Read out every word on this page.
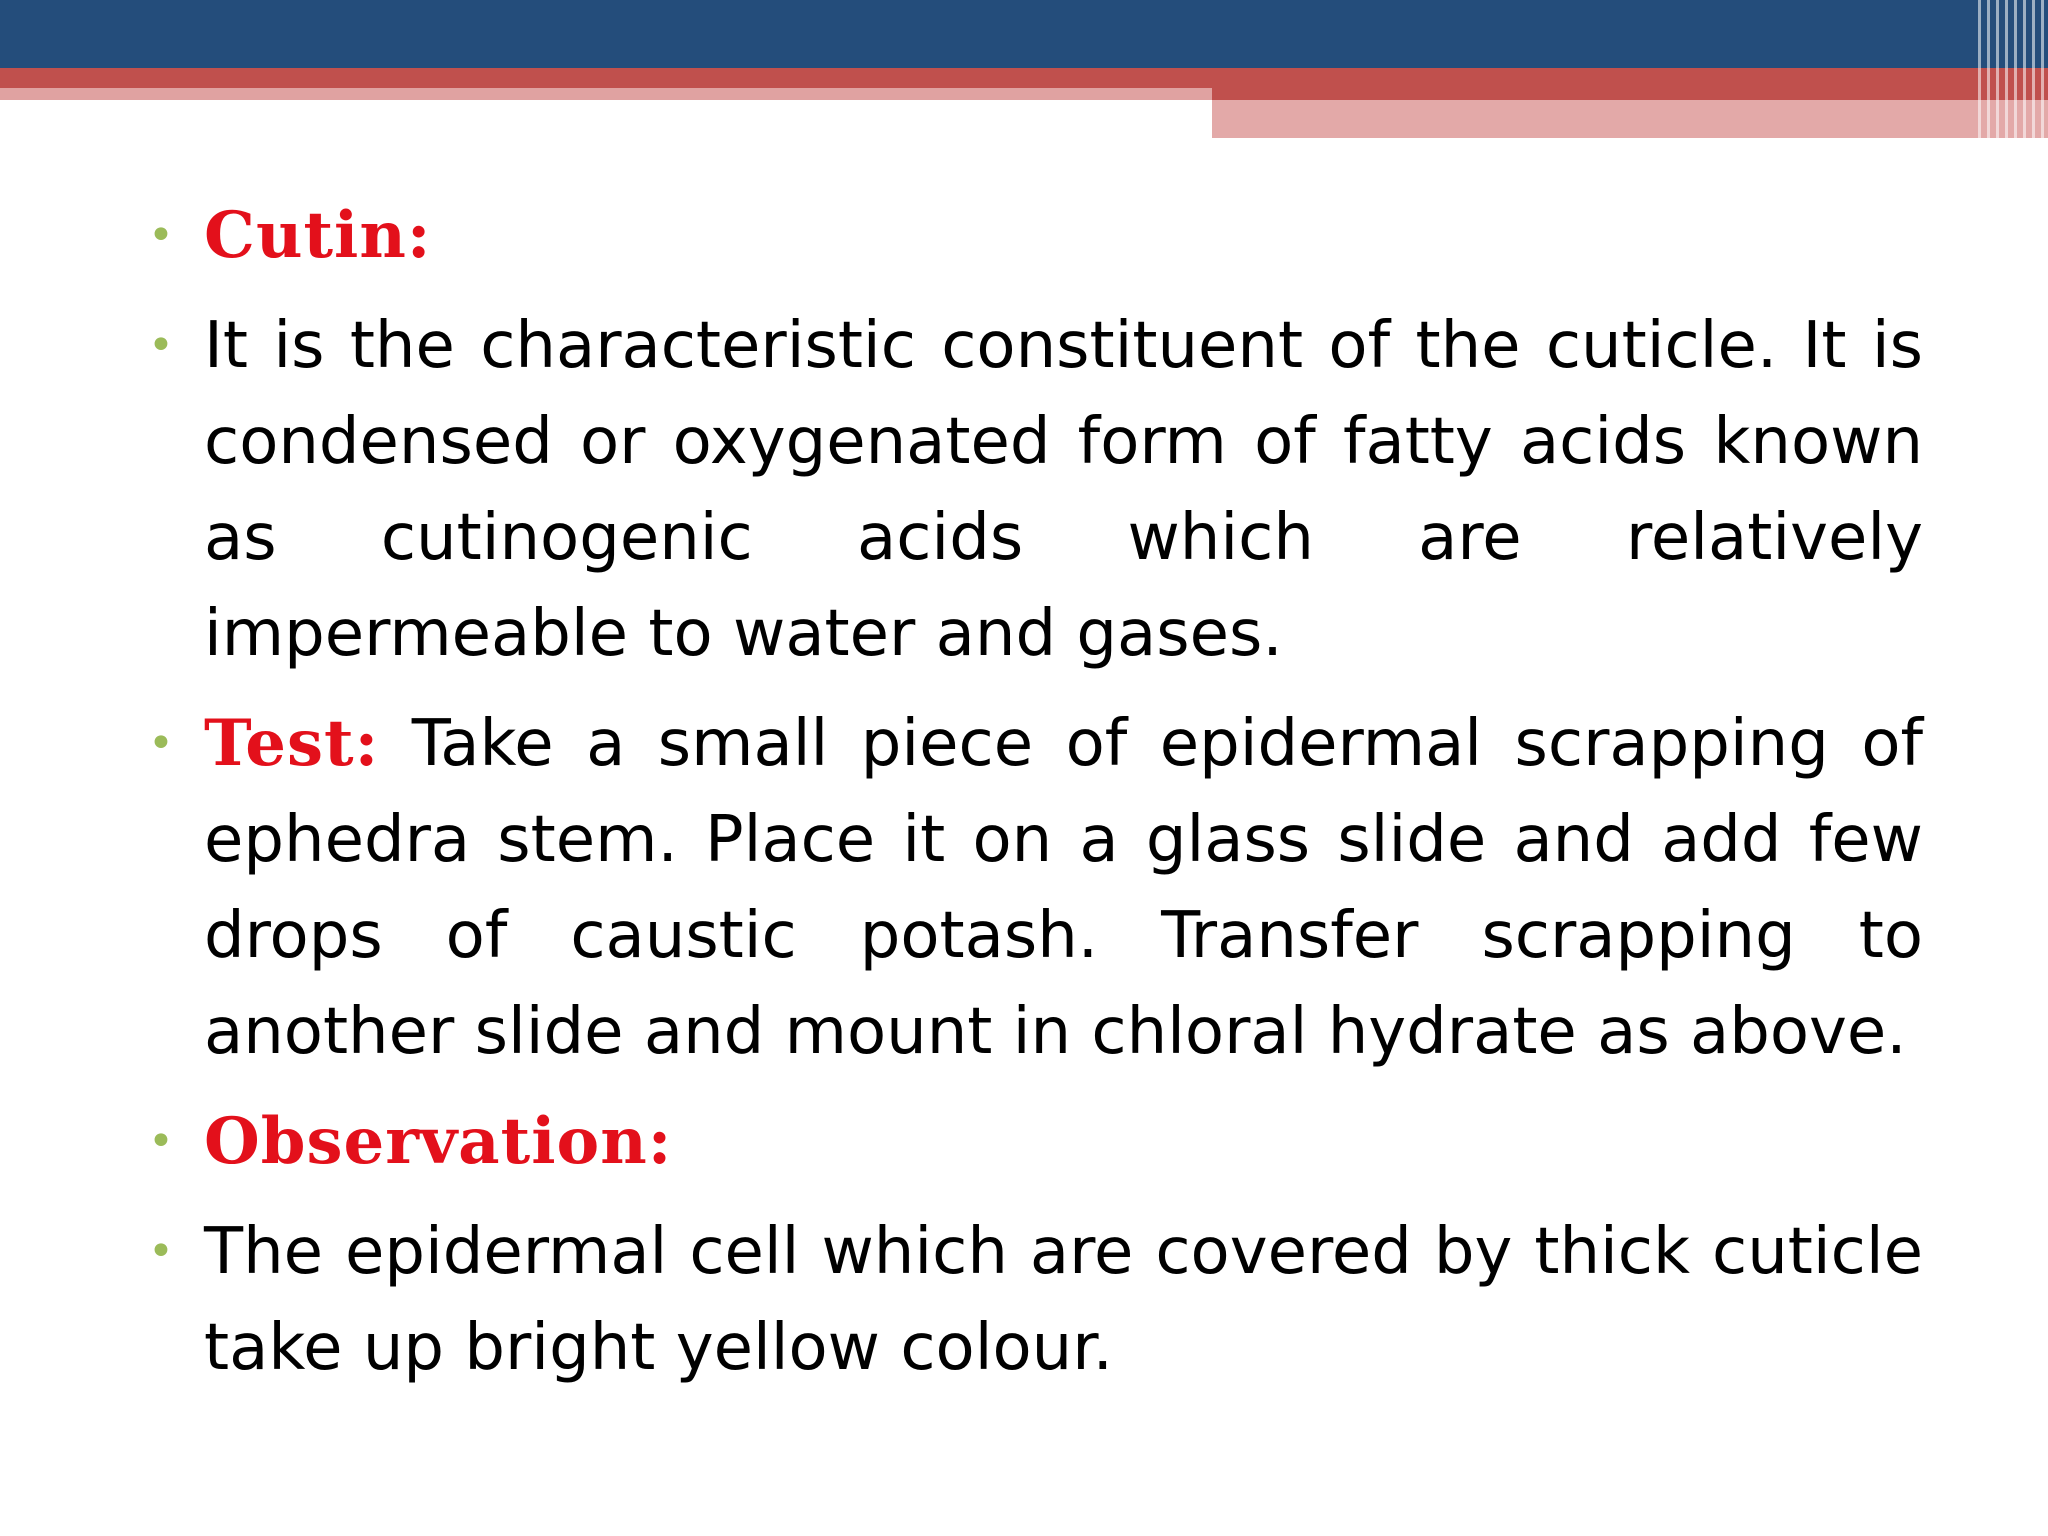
• Cutin:
• It is the characteristic constituent of the cuticle. It is condensed or oxygenated form of fatty acids known as cutinogenic acids which are relatively impermeable to water and gases.
• Test: Take a small piece of epidermal scrapping of ephedra stem. Place it on a glass slide and add few drops of caustic potash. Transfer scrapping to another slide and mount in chloral hydrate as above.
• Observation:
• The epidermal cell which are covered by thick cuticle take up bright yellow colour.
